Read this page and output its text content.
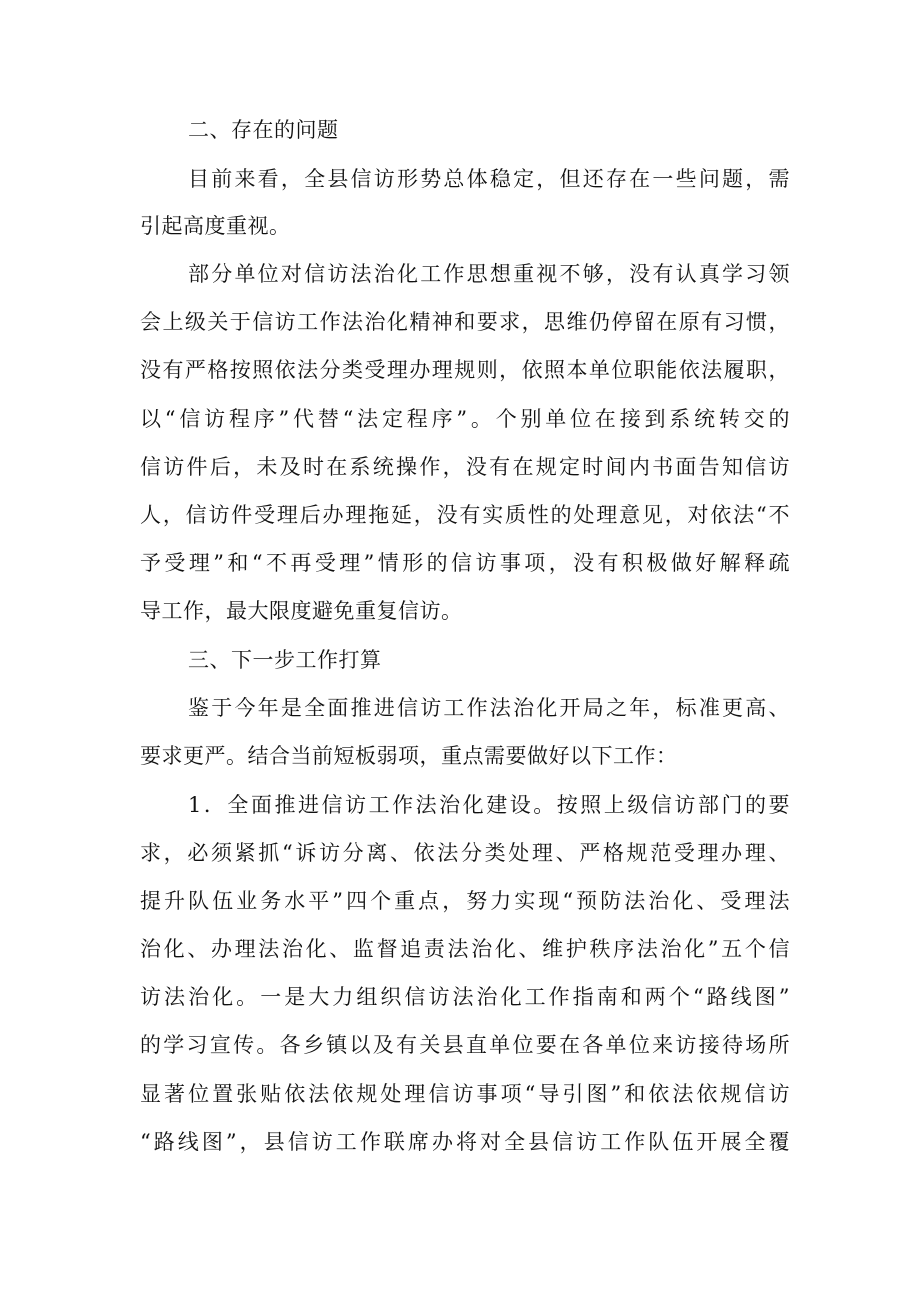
二、存在的问题
目前来看，全县信访形势总体稳定，但还存在一些问题，需
引起高度重视。
部分单位对信访法治化工作思想重视不够，没有认真学习领
会上级关于信访工作法治化精神和要求，思维仍停留在原有习惯，
没有严格按照依法分类受理办理规则，依照本单位职能依法履职，
以“信访程序”代替“法定程序”。个别单位在接到系统转交的
信访件后，未及时在系统操作，没有在规定时间内书面告知信访
人，信访件受理后办理拖延，没有实质性的处理意见，对依法“不
予受理”和“不再受理”情形的信访事项，没有积极做好解释疏
导工作，最大限度避免重复信访。
三、下一步工作打算
鉴于今年是全面推进信访工作法治化开局之年，标准更高、
要求更严。结合当前短板弱项，重点需要做好以下工作：
1．全面推进信访工作法治化建设。按照上级信访部门的要
求，必须紧抓“诉访分离、依法分类处理、严格规范受理办理、
提升队伍业务水平”四个重点，努力实现“预防法治化、受理法
治化、办理法治化、监督追责法治化、维护秩序法治化”五个信
访法治化。一是大力组织信访法治化工作指南和两个“路线图”
的学习宣传。各乡镇以及有关县直单位要在各单位来访接待场所
显著位置张贴依法依规处理信访事项“导引图”和依法依规信访
“路线图”，县信访工作联席办将对全县信访工作队伍开展全覆
